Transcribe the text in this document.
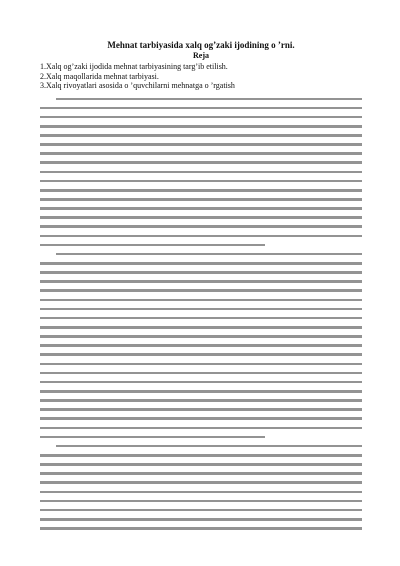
Mehnat tarbiyasida xalq og’zaki ijodining o ’rni.
Reja
1.Xalq og’zaki ijodida mehnat tarbiyasining targ’ib etilish.
2.Xalq maqollarida mehnat tarbiyasi.
3.Xalq rivoyatlari asosida o ’quvchilarni mehnatga o ’rgatish
